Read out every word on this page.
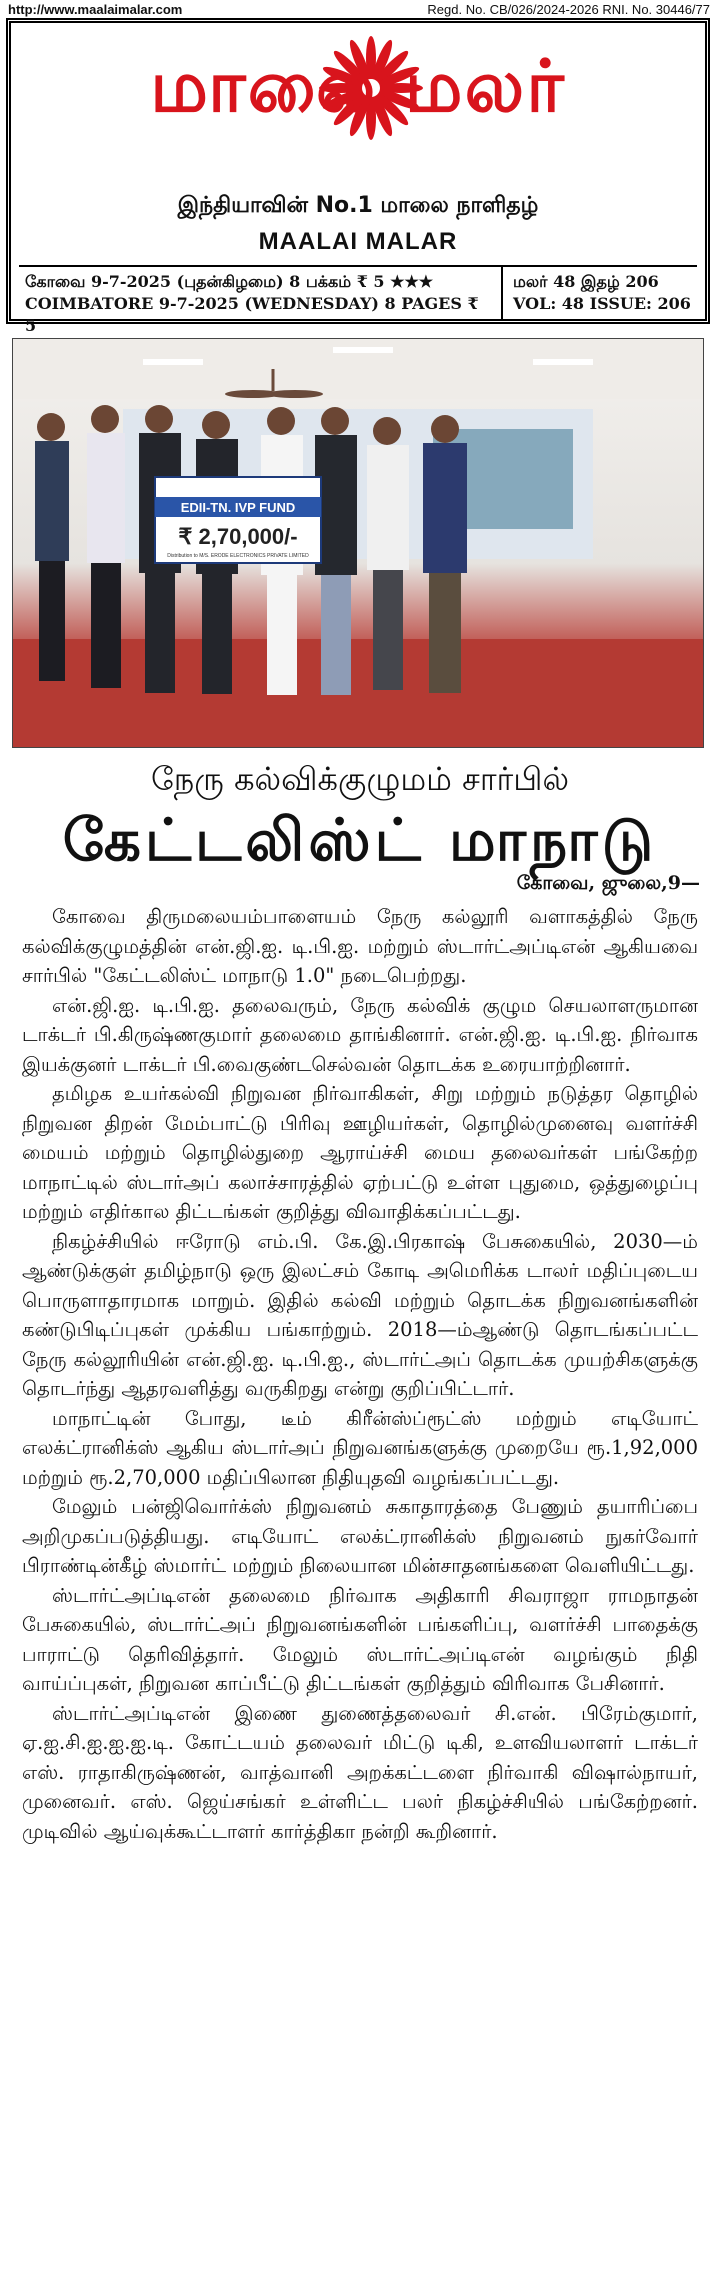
http://www.maalaimalar.com	Regd. No. CB/026/2024-2026 RNI. No. 30446/77
மாலை மலர்
இந்தியாவின் No.1 மாலை நாளிதழ்
MAALAI MALAR
கோவை 9-7-2025 (புதன்கிழமை) 8 பக்கம் ₹ 5 ★★★
COIMBATORE 9-7-2025 (WEDNESDAY) 8 PAGES ₹ 5
மலர் 48 இதழ் 206
VOL: 48 ISSUE: 206
EDII-TN. IVP FUND
₹ 2,70,000/-
Distribution to M/S. ERODE ELECTRONICS PRIVATE LIMITED
நேரு கல்விக்குழுமம் சார்பில்
கேட்டலிஸ்ட் மாநாடு
கோவை, ஜுலை,9—

கோவை திருமலையம்பாளையம் நேரு கல்லூரி வளாகத்தில் நேரு கல்விக்குழுமத்தின் என்.ஜி.ஐ. டி.பி.ஐ. மற்றும் ஸ்டார்ட்அப்டிஎன் ஆகியவை சார்பில் "கேட்டலிஸ்ட் மாநாடு 1.0" நடைபெற்றது.

என்.ஜி.ஐ. டி.பி.ஐ. தலைவரும், நேரு கல்விக் குழும செயலாளருமான டாக்டர் பி.கிருஷ்ணகுமார் தலைமை தாங்கினார். என்.ஜி.ஐ. டி.பி.ஐ. நிர்வாக இயக்குனர் டாக்டர் பி.வைகுண்டசெல்வன் தொடக்க உரையாற்றினார்.

தமிழக உயர்கல்வி நிறுவன நிர்வாகிகள், சிறு மற்றும் நடுத்தர தொழில் நிறுவன திறன் மேம்பாட்டு பிரிவு ஊழியர்கள், தொழில்முனைவு வளர்ச்சி மையம் மற்றும் தொழில்துறை ஆராய்ச்சி மைய தலைவர்கள் பங்கேற்ற மாநாட்டில் ஸ்டார்அப் கலாச்சாரத்தில் ஏற்பட்டு உள்ள புதுமை, ஒத்துழைப்பு மற்றும் எதிர்கால திட்டங்கள் குறித்து விவாதிக்கப்பட்டது.

நிகழ்ச்சியில் ஈரோடு எம்.பி. கே.இ.பிரகாஷ் பேசுகையில், 2030—ம் ஆண்டுக்குள் தமிழ்நாடு ஒரு இலட்சம் கோடி அமெரிக்க டாலர் மதிப்புடைய பொருளாதாரமாக மாறும். இதில் கல்வி மற்றும் தொடக்க நிறுவனங்களின் கண்டுபிடிப்புகள் முக்கிய பங்காற்றும். 2018—ம்ஆண்டு தொடங்கப்பட்ட நேரு கல்லூரியின் என்.ஜி.ஐ. டி.பி.ஐ., ஸ்டார்ட்அப் தொடக்க முயற்சிகளுக்கு தொடர்ந்து ஆதரவளித்து வருகிறது என்று குறிப்பிட்டார்.

மாநாட்டின் போது, டீம் கிரீன்ஸ்ப்ரூட்ஸ் மற்றும் எடியோட் எலக்ட்ரானிக்ஸ் ஆகிய ஸ்டார்அப் நிறுவனங்களுக்கு முறையே ரூ.1,92,000 மற்றும் ரூ.2,70,000 மதிப்பிலான நிதியுதவி வழங்கப்பட்டது.

மேலும் பன்ஜிவொர்க்ஸ் நிறுவனம் சுகாதாரத்தை பேணும் தயாரிப்பை அறிமுகப்படுத்தியது. எடியோட் எலக்ட்ரானிக்ஸ் நிறுவனம் நுகர்வோர் பிராண்டின்கீழ் ஸ்மார்ட் மற்றும் நிலையான மின்சாதனங்களை வெளியிட்டது.

ஸ்டார்ட்அப்டிஎன் தலைமை நிர்வாக அதிகாரி சிவராஜா ராமநாதன் பேசுகையில், ஸ்டார்ட்அப் நிறுவனங்களின் பங்களிப்பு, வளர்ச்சி பாதைக்கு பாராட்டு தெரிவித்தார். மேலும் ஸ்டார்ட்அப்டிஎன் வழங்கும் நிதி வாய்ப்புகள், நிறுவன காப்பீட்டு திட்டங்கள் குறித்தும் விரிவாக பேசினார்.

ஸ்டார்ட்அப்டிஎன் இணை துணைத்தலைவர் சி.என். பிரேம்குமார், ஏ.ஐ.சி.ஐ.ஐ.ஐ.டி. கோட்டயம் தலைவர் மிட்டு டிகி, உளவியலாளர் டாக்டர் எஸ். ராதாகிருஷ்ணன், வாத்வானி அறக்கட்டளை நிர்வாகி விஷால்நாயர், முனைவர். எஸ். ஜெய்சங்கர் உள்ளிட்ட பலர் நிகழ்ச்சியில் பங்கேற்றனர். முடிவில் ஆய்வுக்கூட்டாளர் கார்த்திகா நன்றி கூறினார்.
